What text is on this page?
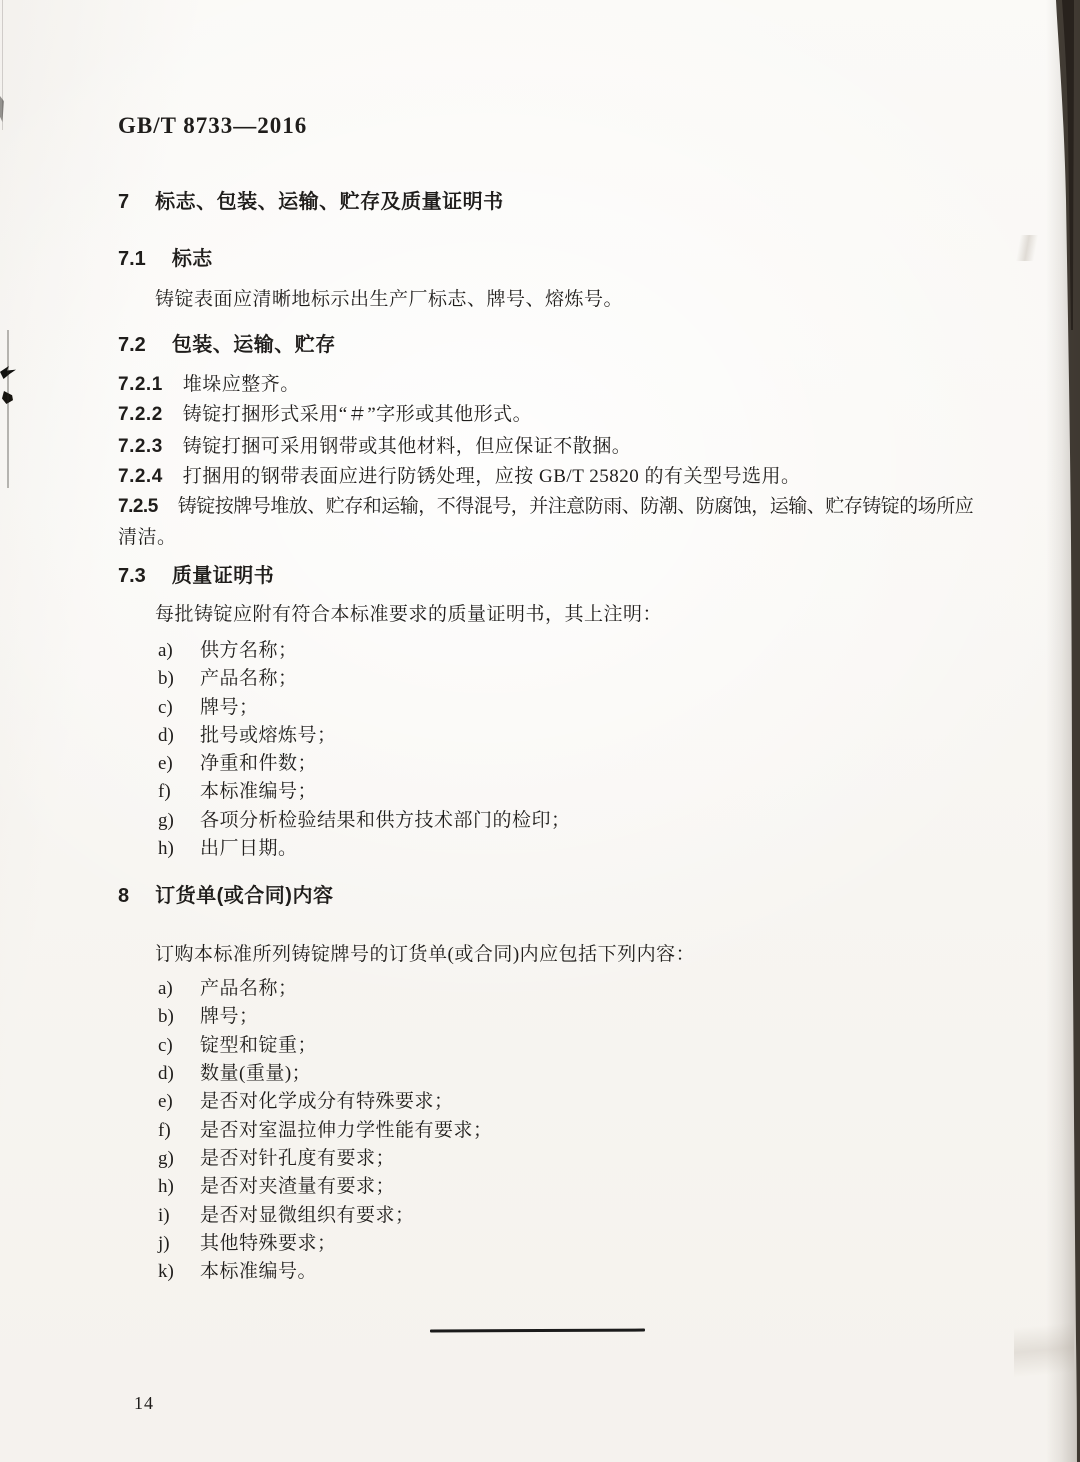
GB/T 8733—2016
7 标志、包装、运输、贮存及质量证明书
7.1 标志
铸锭表面应清晰地标示出生产厂标志、牌号、熔炼号。
7.2 包装、运输、贮存
7.2.1 堆垛应整齐。
7.2.2 铸锭打捆形式采用“＃”字形或其他形式。
7.2.3 铸锭打捆可采用钢带或其他材料，但应保证不散捆。
7.2.4 打捆用的钢带表面应进行防锈处理，应按 GB/T 25820 的有关型号选用。
7.2.5 铸锭按牌号堆放、贮存和运输，不得混号，并注意防雨、防潮、防腐蚀，运输、贮存铸锭的场所应
清洁。
7.3 质量证明书
每批铸锭应附有符合本标准要求的质量证明书，其上注明：
a) 供方名称；
b) 产品名称；
c) 牌号；
d) 批号或熔炼号；
e) 净重和件数；
f) 本标准编号；
g) 各项分析检验结果和供方技术部门的检印；
h) 出厂日期。
8 订货单(或合同)内容
订购本标准所列铸锭牌号的订货单(或合同)内应包括下列内容：
a) 产品名称；
b) 牌号；
c) 锭型和锭重；
d) 数量(重量)；
e) 是否对化学成分有特殊要求；
f) 是否对室温拉伸力学性能有要求；
g) 是否对针孔度有要求；
h) 是否对夹渣量有要求；
i) 是否对显微组织有要求；
j) 其他特殊要求；
k) 本标准编号。
14
